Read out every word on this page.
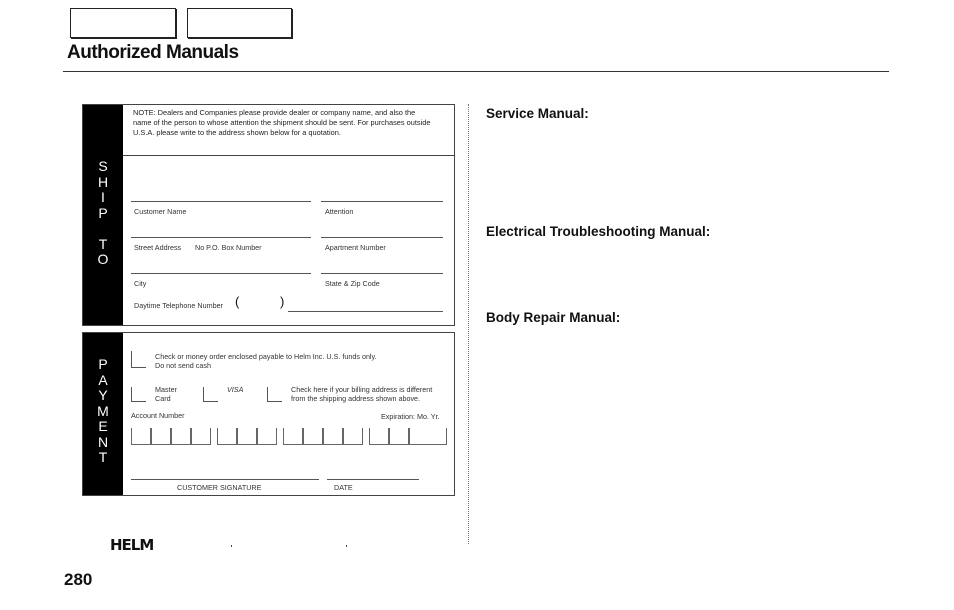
Authorized Manuals
S
H
I
P

T
O
NOTE: Dealers and Companies please provide dealer or company name, and also the name of the person to whose attention the shipment should be sent. For purchases outside U.S.A. please write to the address shown below for a quotation.
Customer Name	Attention
Street Address No P.O. Box Number	Apartment Number
City	State & Zip Code
Daytime Telephone Number (	)
P
A
Y
M
E
N
T
Check or money order enclosed payable to Helm Inc. U.S. funds only.
Do not send cash
Master
Card
VISA	Check here if your billing address is different
from the shipping address shown above.
Account Number	Expiration: Mo. Yr.
CUSTOMER SIGNATURE	DATE
HELM
Service Manual:
Electrical Troubleshooting Manual:
Body Repair Manual:
280
